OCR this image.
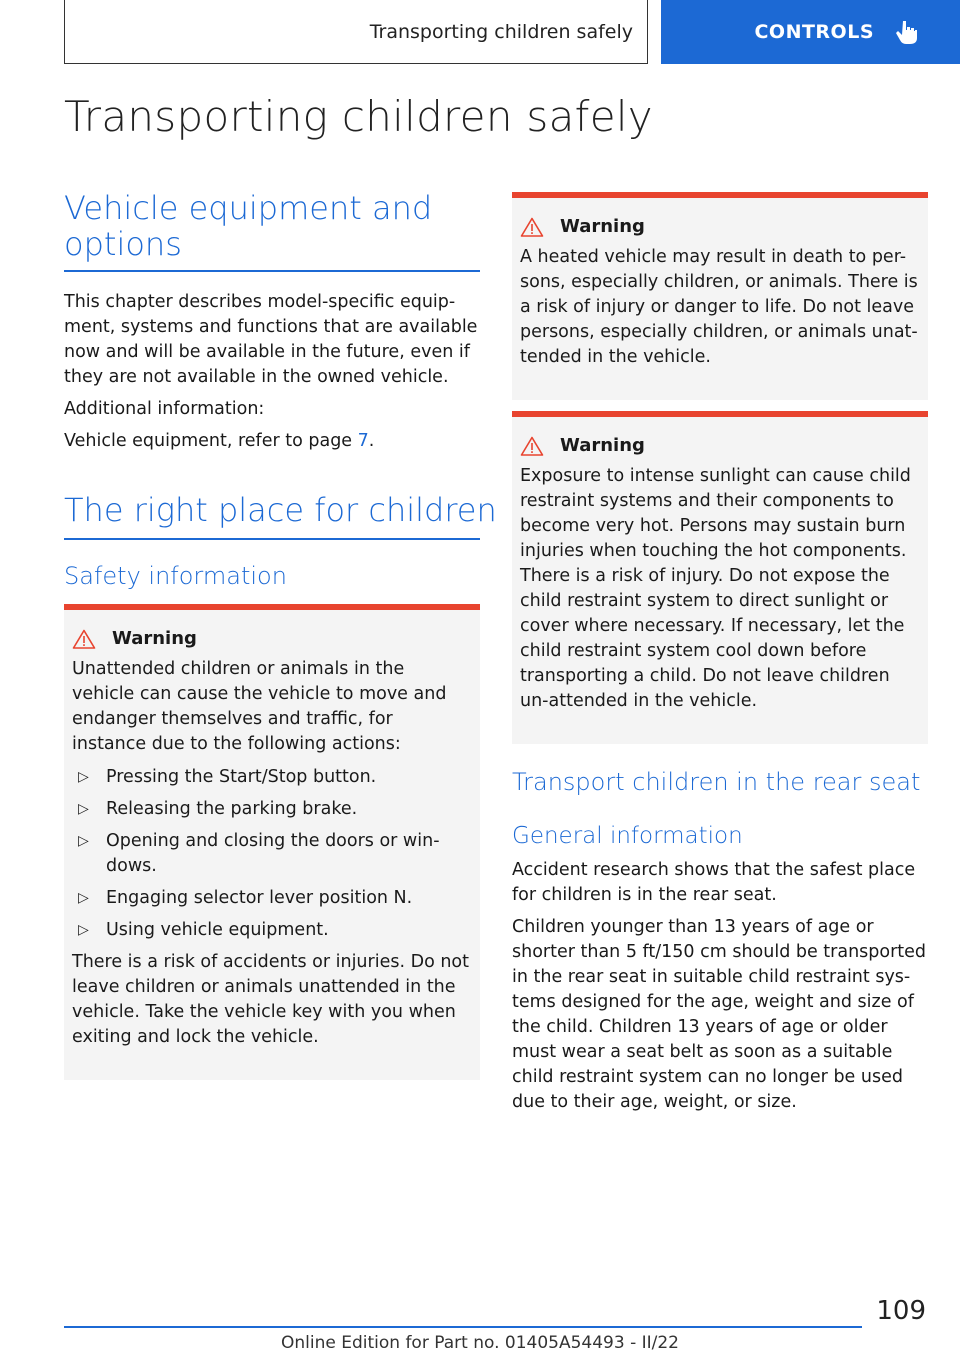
Transporting children safely	CONTROLS
Transporting children safely
Vehicle equipment and options

This chapter describes model-specific equip-ment, systems and functions that are available now and will be available in the future, even if they are not available in the owned vehicle.

Additional information:

Vehicle equipment, refer to page 7.

The right place for children
Safety information
Warning

Unattended children or animals in the vehicle can cause the vehicle to move and endanger themselves and traffic, for instance due to the following actions:

▷ Pressing the Start/Stop button.
▷ Releasing the parking brake.
▷ Opening and closing the doors or win-dows.
▷ Engaging selector lever position N.
▷ Using vehicle equipment.

There is a risk of accidents or injuries. Do not leave children or animals unattended in the vehicle. Take the vehicle key with you when exiting and lock the vehicle.

Warning

A heated vehicle may result in death to per-sons, especially children, or animals. There is a risk of injury or danger to life. Do not leave persons, especially children, or animals unat-tended in the vehicle.

Warning

Exposure to intense sunlight can cause child restraint systems and their components to become very hot. Persons may sustain burn injuries when touching the hot components. There is a risk of injury. Do not expose the child restraint system to direct sunlight or cover where necessary. If necessary, let the child restraint system cool down before transporting a child. Do not leave children un-attended in the vehicle.

Transport children in the rear seat
General information

Accident research shows that the safest place for children is in the rear seat.

Children younger than 13 years of age or shorter than 5 ft/150 cm should be transported in the rear seat in suitable child restraint sys-tems designed for the age, weight and size of the child. Children 13 years of age or older must wear a seat belt as soon as a suitable child restraint system can no longer be used due to their age, weight, or size.

109
Online Edition for Part no. 01405A54493 - II/22
